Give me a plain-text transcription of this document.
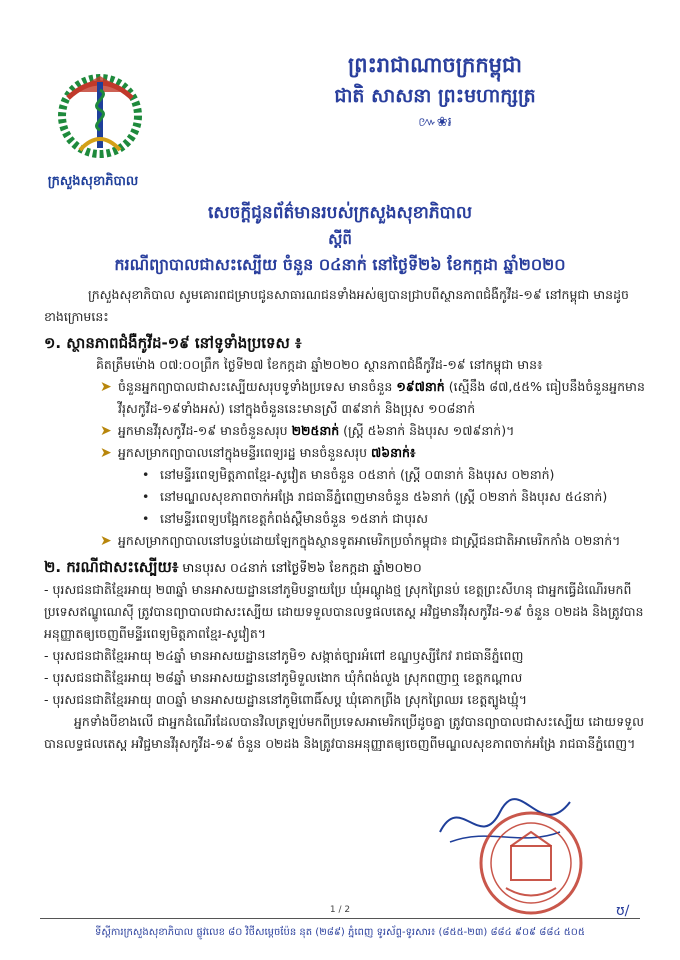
ក្រសួងសុខាភិបាល
ព្រះរាជាណាចក្រកម្ពុជា
ជាតិ សាសនា ព្រះមហាក្សត្រ
៚❀៛
សេចក្តីជូនព័ត៌មានរបស់ក្រសួងសុខាភិបាល
ស្តីពី
ករណីព្យាបាលជាសះស្បើយ ចំនួន ០៤នាក់ នៅថ្ងៃទី២៦ ខែកក្កដា ឆ្នាំ២០២០

ក្រសួងសុខាភិបាល សូមគោរពជម្រាបជូនសាធារណជនទាំងអស់ឲ្យបានជ្រាបពីស្ថានភាពជំងឺកូវីដ-១៩ នៅកម្ពុជា មានដូចខាងក្រោមនេះ

១. ស្ថានភាពជំងឺកូវីដ-១៩ នៅទូទាំងប្រទេស ៖

គិតត្រឹមម៉ោង ០៧:០០ព្រឹក ថ្ងៃទី២៧ ខែកក្កដា ឆ្នាំ២០២០ ស្ថានភាពជំងឺកូវីដ-១៩ នៅកម្ពុជា មាន៖

➤ ចំនួនអ្នកព្យាបាលជាសះស្បើយសរុបទូទាំងប្រទេស មានចំនួន ១៩៧នាក់ (ស្មើនឹង ៨៧,៥៥% ធៀបនឹងចំនួនអ្នកមានវីរុសកូវីដ-១៩ទាំងអស់) នៅក្នុងចំនួននេះមានស្រី ៣៩នាក់ និងប្រុស ១០៨នាក់

➤ អ្នកមានវីរុសកូវីដ-១៩ មានចំនួនសរុប ២២៥នាក់ (ស្ត្រី ៥៦នាក់ និងបុរស ១៧៩នាក់)។

➤ អ្នកសម្រាកព្យាបាលនៅក្នុងមន្ទីរពេទ្យរដ្ឋ មានចំនួនសរុប ៧៦នាក់៖

• នៅមន្ទីរពេទ្យមិត្តភាពខ្មែរ-សូវៀត មានចំនួន ០៥នាក់ (ស្ត្រី ០៣នាក់ និងបុរស ០២នាក់)

• នៅមណ្ឌលសុខភាពចាក់អង្រែ រាជធានីភ្នំពេញមានចំនួន ៥៦នាក់ (ស្ត្រី ០២នាក់ និងបុរស ៥៤នាក់)

• នៅមន្ទីរពេទ្យបង្អែកខេត្តកំពង់ស្ពឺមានចំនួន ១៥នាក់ ជាបុរស

➤ អ្នកសម្រាកព្យាបាលនៅបន្ទប់ដោយឡែកក្នុងស្ថានទូតអាមេរិកប្រចាំកម្ពុជា៖ ជាស្ត្រីជនជាតិអាមេរិកកាំង ០២នាក់។

២. ករណីជាសះស្បើយ៖ មានបុរស ០៤នាក់ នៅថ្ងៃទី២៦ ខែកក្កដា ឆ្នាំ២០២០

- បុរសជនជាតិខ្មែរអាយុ ២៣ឆ្នាំ មានអាសយដ្ឋាននៅភូមិបន្ទាយប្រែ ឃុំអណ្តូងថ្ម ស្រុកព្រៃនប់ ខេត្តព្រះសីហនុ ជាអ្នកធ្វើដំណើរមកពីប្រទេសឥណ្ឌូណេស៊ី ត្រូវបានព្យាបាលជាសះស្បើយ ដោយទទួលបានលទ្ធផលតេស្ត អវិជ្ជមានវីរុសកូវីដ-១៩ ចំនួន ០២ដង និងត្រូវបានអនុញ្ញាតឲ្យចេញពីមន្ទីរពេទ្យមិត្តភាពខ្មែរ-សូវៀត។

- បុរសជនជាតិខ្មែរអាយុ ២៤ឆ្នាំ មានអាសយដ្ឋាននៅភូមិ១ សង្កាត់ច្បារអំពៅ ខណ្ឌឫស្សីកែវ រាជធានីភ្នំពេញ

- បុរសជនជាតិខ្មែរអាយុ ២៨ឆ្នាំ មានអាសយដ្ឋាននៅភូមិទួលងោក ឃុំកំពង់លួង ស្រុកពញាឮ ខេត្តកណ្តាល

- បុរសជនជាតិខ្មែរអាយុ ៣០ឆ្នាំ មានអាសយដ្ឋាននៅភូមិពោធិ៍សប្ត ឃុំគោកព្រីង ស្រុកព្រៃឈរ ខេត្តត្បូងឃ្មុំ។

អ្នកទាំងបីខាងលើ ជាអ្នកដំណើរដែលបានវិលត្រឡប់មកពីប្រទេសអាមេរិកប្រើដូចគ្នា ត្រូវបានព្យាបាលជាសះស្បើយ ដោយទទួលបានលទ្ធផលតេស្ត អវិជ្ជមានវីរុសកូវីដ-១៩ ចំនួន ០២ដង និងត្រូវបានអនុញ្ញាតឲ្យចេញពីមណ្ឌលសុខភាពចាក់អង្រែ រាជធានីភ្នំពេញ។

1 / 2
ទីស្តីការក្រសួងសុខាភិបាល ផ្លូវលេខ ៨០ វិថីសម្តេចប៉ែន នុត (២៨៩) ភ្នំពេញ ទូរស័ព្ទ-ទូរសារ៖ (៨៥៥-២៣) ៨៨៤ ៩០៩ ៨៨៤ ៥០៥
ʊ∕
